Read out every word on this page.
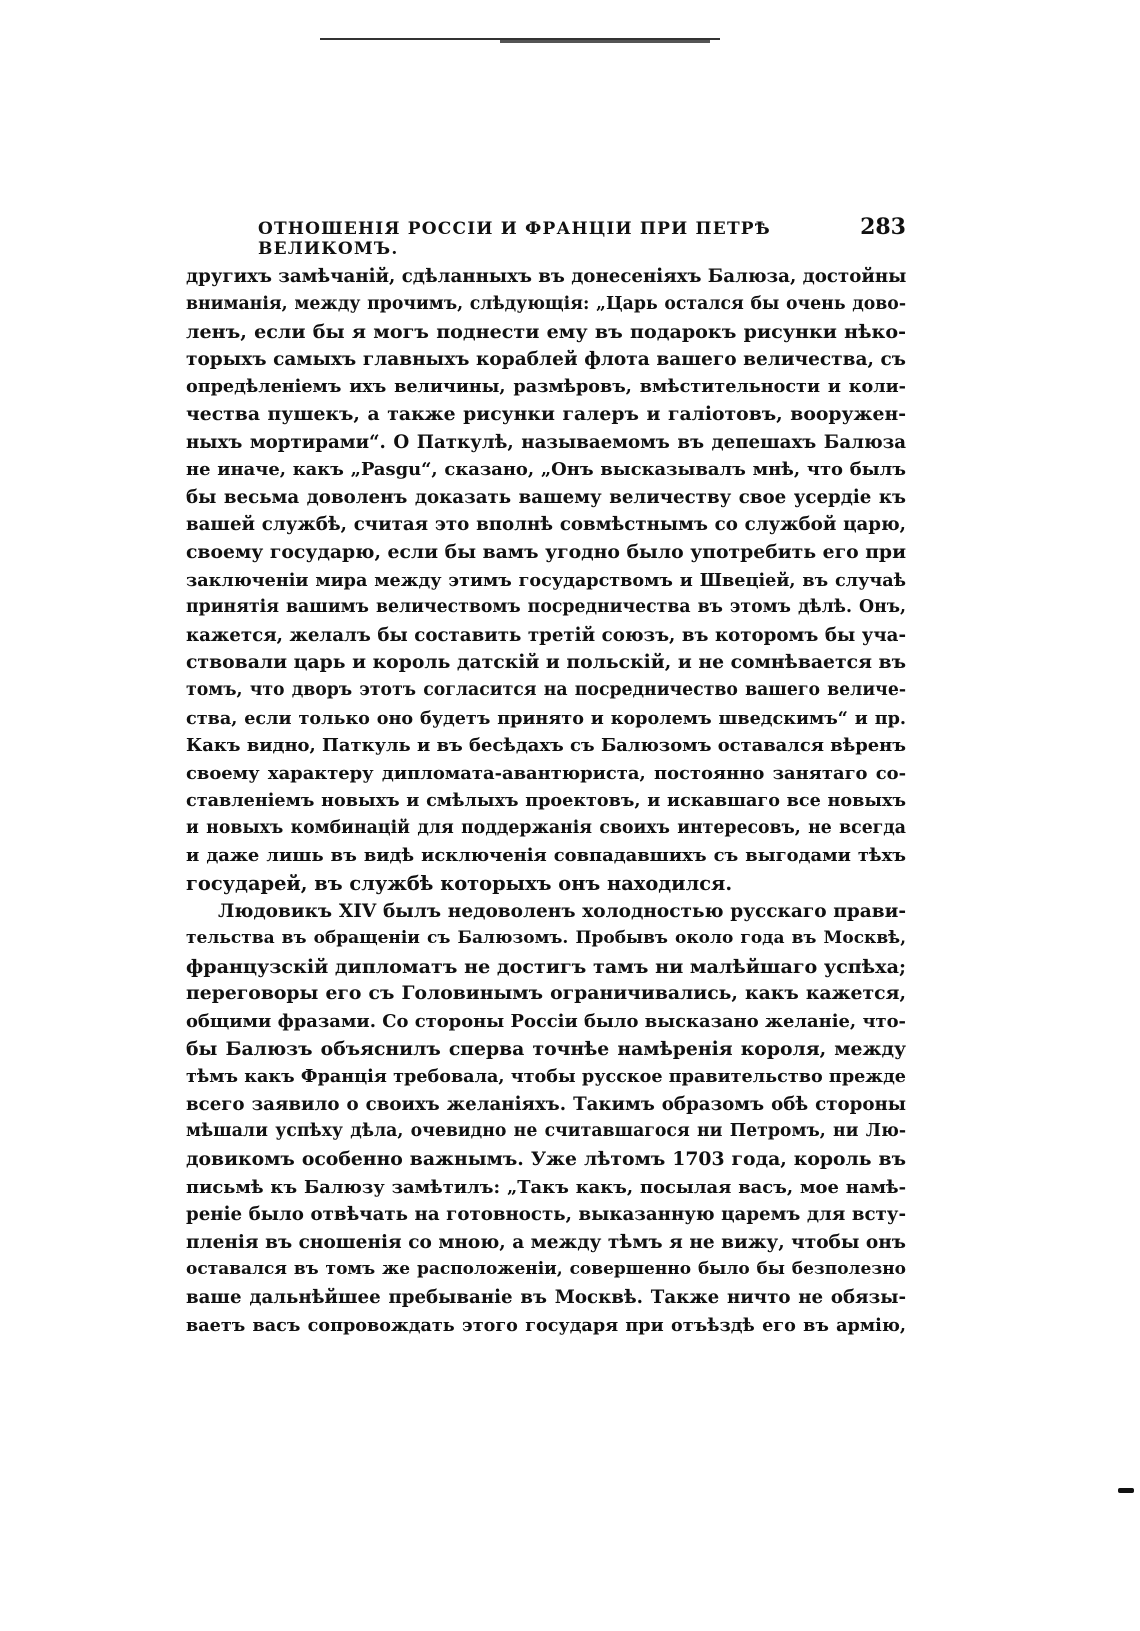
ОТНОШЕНІЯ РОССІИ И ФРАНЦІИ ПРИ ПЕТРѢ ВЕЛИКОМЪ.
283
другихъ замѣчаній, сдѣланныхъ въ донесеніяхъ Балюза, достойны
вниманія, между прочимъ, слѣдующія: „Царь остался бы очень дово-
ленъ, если бы я могъ поднести ему въ подарокъ рисунки нѣко-
торыхъ самыхъ главныхъ кораблей флота вашего величества, съ
опредѣленіемъ ихъ величины, размѣровъ, вмѣстительности и коли-
чества пушекъ, а также рисунки галеръ и галіотовъ, вооружен-
ныхъ мортирами“. О Паткулѣ, называемомъ въ депешахъ Балюза
не иначе, какъ „Pasgu“, сказано, „Онъ высказывалъ мнѣ, что былъ
бы весьма доволенъ доказать вашему величеству свое усердіе къ
вашей службѣ, считая это вполнѣ совмѣстнымъ со службой царю,
своему государю, если бы вамъ угодно было употребить его при
заключеніи мира между этимъ государствомъ и Швеціей, въ случаѣ
принятія вашимъ величествомъ посредничества въ этомъ дѣлѣ. Онъ,
кажется, желалъ бы составить третій союзъ, въ которомъ бы уча-
ствовали царь и король датскій и польскій, и не сомнѣвается въ
томъ, что дворъ этотъ согласится на посредничество вашего величе-
ства, если только оно будетъ принято и королемъ шведскимъ“ и пр.
Какъ видно, Паткуль и въ бесѣдахъ съ Балюзомъ оставался вѣренъ
своему характеру дипломата-авантюриста, постоянно занятаго со-
ставленіемъ новыхъ и смѣлыхъ проектовъ, и искавшаго все новыхъ
и новыхъ комбинацій для поддержанія своихъ интересовъ, не всегда
и даже лишь въ видѣ исключенія совпадавшихъ съ выгодами тѣхъ
государей, въ службѣ которыхъ онъ находился.
Людовикъ XIV былъ недоволенъ холодностью русскаго прави-
тельства въ обращеніи съ Балюзомъ. Пробывъ около года въ Москвѣ,
французскій дипломатъ не достигъ тамъ ни малѣйшаго успѣха;
переговоры его съ Головинымъ ограничивались, какъ кажется,
общими фразами. Со стороны Россіи было высказано желаніе, что-
бы Балюзъ объяснилъ сперва точнѣе намѣренія короля, между
тѣмъ какъ Франція требовала, чтобы русское правительство прежде
всего заявило о своихъ желаніяхъ. Такимъ образомъ обѣ стороны
мѣшали успѣху дѣла, очевидно не считавшагося ни Петромъ, ни Лю-
довикомъ особенно важнымъ. Уже лѣтомъ 1703 года, король въ
письмѣ къ Балюзу замѣтилъ: „Такъ какъ, посылая васъ, мое намѣ-
реніе было отвѣчать на готовность, выказанную царемъ для всту-
пленія въ сношенія со мною, а между тѣмъ я не вижу, чтобы онъ
оставался въ томъ же расположеніи, совершенно было бы безполезно
ваше дальнѣйшее пребываніе въ Москвѣ. Также ничто не обязы-
ваетъ васъ сопровождать этого государя при отъѣздѣ его въ армію,
